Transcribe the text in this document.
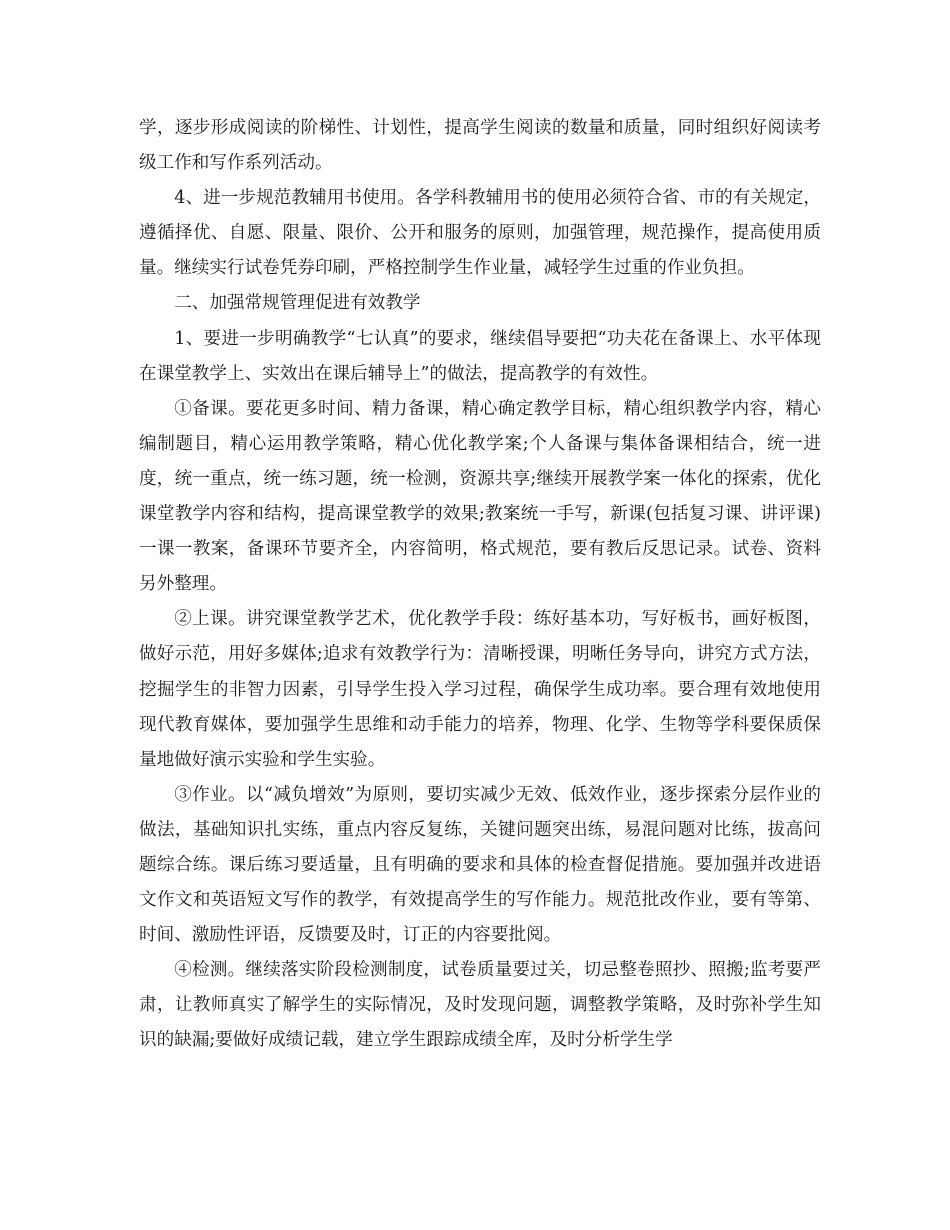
学，逐步形成阅读的阶梯性、计划性，提高学生阅读的数量和质量，同时组织好阅读考级工作和写作系列活动。

4、进一步规范教辅用书使用。各学科教辅用书的使用必须符合省、市的有关规定，遵循择优、自愿、限量、限价、公开和服务的原则，加强管理，规范操作，提高使用质量。继续实行试卷凭券印刷，严格控制学生作业量，减轻学生过重的作业负担。

二、加强常规管理促进有效教学

1、要进一步明确教学“七认真”的要求，继续倡导要把“功夫花在备课上、水平体现在课堂教学上、实效出在课后辅导上”的做法，提高教学的有效性。

①备课。要花更多时间、精力备课，精心确定教学目标，精心组织教学内容，精心编制题目，精心运用教学策略，精心优化教学案;个人备课与集体备课相结合，统一进度，统一重点，统一练习题，统一检测，资源共享;继续开展教学案一体化的探索，优化课堂教学内容和结构，提高课堂教学的效果;教案统一手写，新课(包括复习课、讲评课)一课一教案，备课环节要齐全，内容简明，格式规范，要有教后反思记录。试卷、资料另外整理。

②上课。讲究课堂教学艺术，优化教学手段：练好基本功，写好板书，画好板图，做好示范，用好多媒体;追求有效教学行为：清晰授课，明晰任务导向，讲究方式方法，挖掘学生的非智力因素，引导学生投入学习过程，确保学生成功率。要合理有效地使用现代教育媒体，要加强学生思维和动手能力的培养，物理、化学、生物等学科要保质保量地做好演示实验和学生实验。

③作业。以“减负增效”为原则，要切实减少无效、低效作业，逐步探索分层作业的做法，基础知识扎实练，重点内容反复练，关键问题突出练，易混问题对比练，拔高问题综合练。课后练习要适量，且有明确的要求和具体的检查督促措施。要加强并改进语文作文和英语短文写作的教学，有效提高学生的写作能力。规范批改作业，要有等第、时间、激励性评语，反馈要及时，订正的内容要批阅。

④检测。继续落实阶段检测制度，试卷质量要过关，切忌整卷照抄、照搬;监考要严肃，让教师真实了解学生的实际情况，及时发现问题，调整教学策略，及时弥补学生知识的缺漏;要做好成绩记载，建立学生跟踪成绩全库，及时分析学生学
